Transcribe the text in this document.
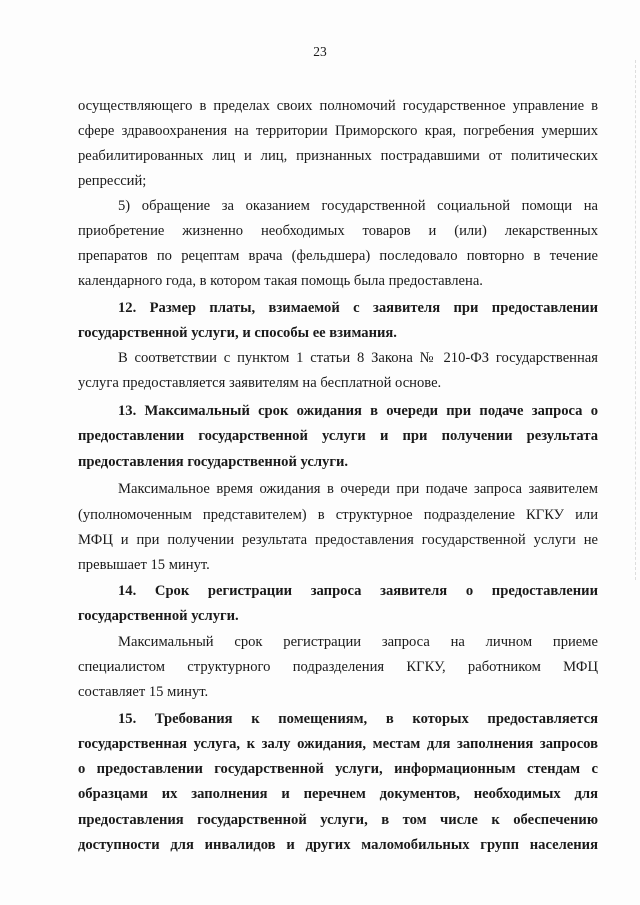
23
осуществляющего в пределах своих полномочий государственное управление в
сфере здравоохранения на территории Приморского края, погребения умерших
реабилитированных лиц и лиц, признанных пострадавшими от политических
репрессий;
5) обращение за оказанием государственной социальной помощи на
приобретение жизненно необходимых товаров и (или) лекарственных
препаратов по рецептам врача (фельдшера) последовало повторно в течение
календарного года, в котором такая помощь была предоставлена.
12. Размер платы, взимаемой с заявителя при предоставлении
государственной услуги, и способы ее взимания.
В соответствии с пунктом 1 статьи 8 Закона № 210-ФЗ государственная
услуга предоставляется заявителям на бесплатной основе.
13. Максимальный срок ожидания в очереди при подаче запроса о
предоставлении государственной услуги и при получении результата
предоставления государственной услуги.
Максимальное время ожидания в очереди при подаче запроса заявителем
(уполномоченным представителем) в структурное подразделение КГКУ или
МФЦ и при получении результата предоставления государственной услуги не
превышает 15 минут.
14. Срок регистрации запроса заявителя о предоставлении
государственной услуги.
Максимальный срок регистрации запроса на личном приеме
специалистом структурного подразделения КГКУ, работником МФЦ
составляет 15 минут.
15. Требования к помещениям, в которых предоставляется
государственная услуга, к залу ожидания, местам для заполнения запросов
о предоставлении государственной услуги, информационным стендам с
образцами их заполнения и перечнем документов, необходимых для
предоставления государственной услуги, в том числе к обеспечению
доступности для инвалидов и других маломобильных групп населения
